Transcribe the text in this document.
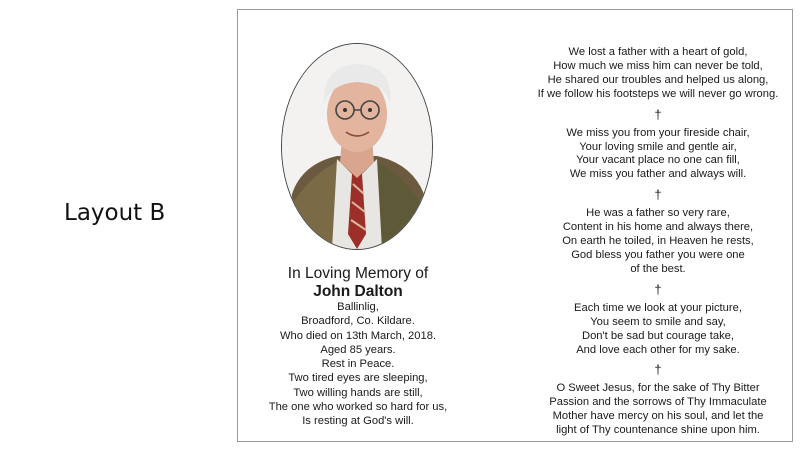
Layout B
In Loving Memory of
John Dalton
Ballinlig,
Broadford, Co. Kildare.
Who died on 13th March, 2018.
Aged 85 years.
Rest in Peace.
Two tired eyes are sleeping,
Two willing hands are still,
The one who worked so hard for us,
Is resting at God's will.
We lost a father with a heart of gold,
How much we miss him can never be told,
He shared our troubles and helped us along,
If we follow his footsteps we will never go wrong.
†
We miss you from your fireside chair,
Your loving smile and gentle air,
Your vacant place no one can fill,
We miss you father and always will.
†
He was a father so very rare,
Content in his home and always there,
On earth he toiled, in Heaven he rests,
God bless you father you were one
of the best.
†
Each time we look at your picture,
You seem to smile and say,
Don't be sad but courage take,
And love each other for my sake.
†
O Sweet Jesus, for the sake of Thy Bitter
Passion and the sorrows of Thy Immaculate
Mother have mercy on his soul, and let the
light of Thy countenance shine upon him.
